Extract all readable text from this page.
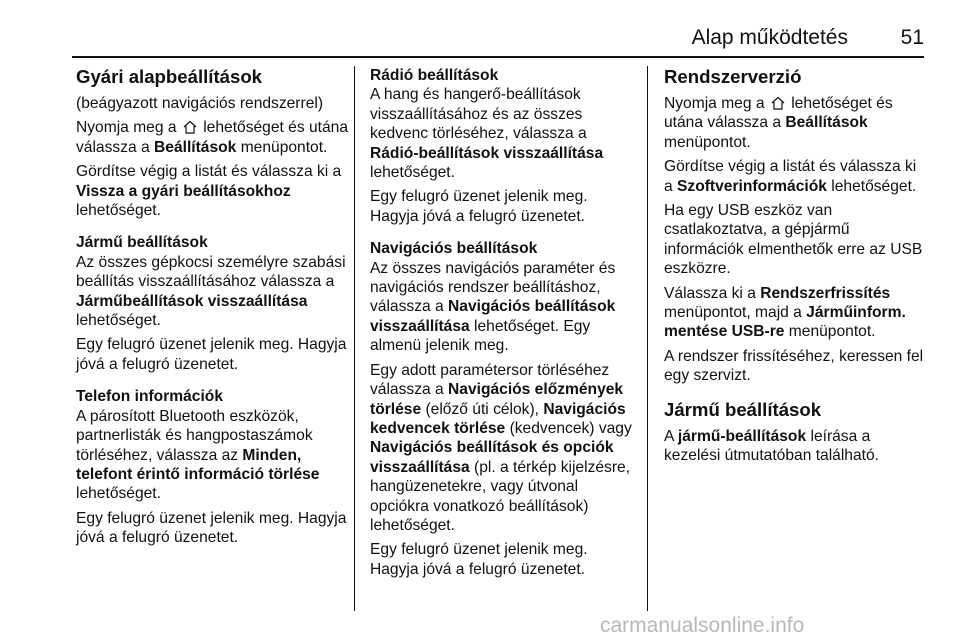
Alap működtetés	51
Gyári alapbeállítások

(beágyazott navigációs rendszerrel)

Nyomja meg a  lehetőséget és utána válassza a Beállítások menüpontot.

Gördítse végig a listát és válassza ki a Vissza a gyári beállításokhoz lehetőséget.

Jármű beállítások

Az összes gépkocsi személyre szabási beállítás visszaállításához válassza a Járműbeállítások visszaállítása lehetőséget.

Egy felugró üzenet jelenik meg. Hagyja jóvá a felugró üzenetet.

Telefon információk

A párosított Bluetooth eszközök, partnerlisták és hangpostaszámok törléséhez, válassza az Minden, telefont érintő információ törlése lehetőséget.

Egy felugró üzenet jelenik meg. Hagyja jóvá a felugró üzenetet.

Rádió beállítások

A hang és hangerő-beállítások visszaállításához és az összes kedvenc törléséhez, válassza a Rádió-beállítások visszaállítása lehetőséget.

Egy felugró üzenet jelenik meg. Hagyja jóvá a felugró üzenetet.

Navigációs beállítások

Az összes navigációs paraméter és navigációs rendszer beállításhoz, válassza a Navigációs beállítások visszaállítása lehetőséget. Egy almenü jelenik meg.

Egy adott paramétersor törléséhez válassza a Navigációs előzmények törlése (előző úti célok), Navigációs kedvencek törlése (kedvencek) vagy Navigációs beállítások és opciók visszaállítása (pl. a térkép kijelzésre, hangüzenetekre, vagy útvonal opciókra vonatkozó beállítások) lehetőséget.

Egy felugró üzenet jelenik meg. Hagyja jóvá a felugró üzenetet.

Rendszerverzió

Nyomja meg a  lehetőséget és utána válassza a Beállítások menüpontot.

Gördítse végig a listát és válassza ki a Szoftverinformációk lehetőséget.

Ha egy USB eszköz van csatlakoztatva, a gépjármű információk elmenthetők erre az USB eszközre.

Válassza ki a Rendszerfrissítés menüpontot, majd a Járműinform. mentése USB-re menüpontot.

A rendszer frissítéséhez, keressen fel egy szervizt.

Jármű beállítások

A jármű-beállítások leírása a kezelési útmutatóban található.

carmanualsonline.info
